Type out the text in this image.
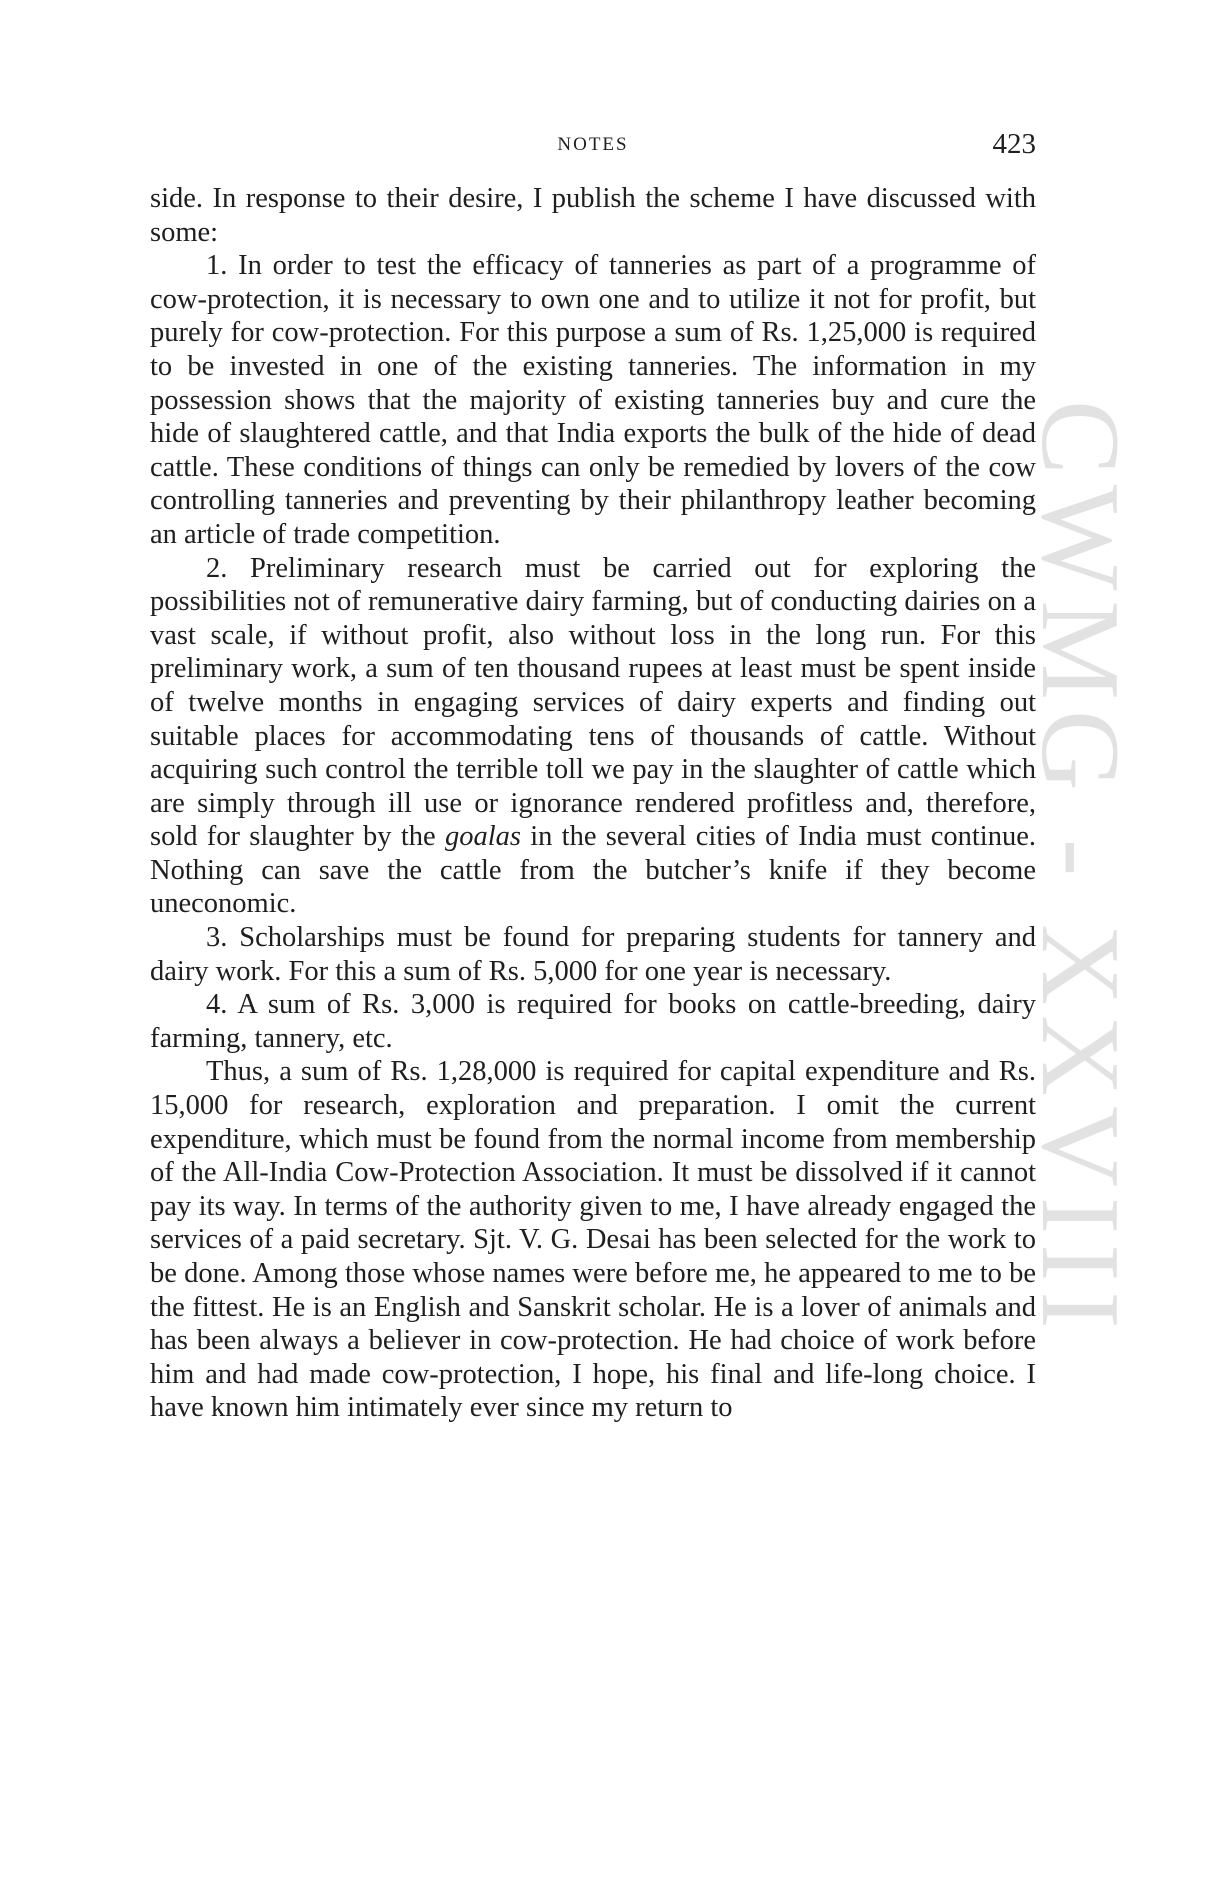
NOTES	423
CWMG - XXVIII

side. In response to their desire, I publish the scheme I have discussed with some:

1. In order to test the efficacy of tanneries as part of a programme of cow-protection, it is necessary to own one and to utilize it not for profit, but purely for cow-protection. For this purpose a sum of Rs. 1,25,000 is required to be invested in one of the existing tanneries. The information in my possession shows that the majority of existing tanneries buy and cure the hide of slaughtered cattle, and that India exports the bulk of the hide of dead cattle. These conditions of things can only be remedied by lovers of the cow controlling tanneries and preventing by their philanthropy leather becoming an article of trade competition.

2. Preliminary research must be carried out for exploring the possibilities not of remunerative dairy farming, but of conducting dairies on a vast scale, if without profit, also without loss in the long run. For this preliminary work, a sum of ten thousand rupees at least must be spent inside of twelve months in engaging services of dairy experts and finding out suitable places for accommodating tens of thousands of cattle. Without acquiring such control the terrible toll we pay in the slaughter of cattle which are simply through ill use or ignorance rendered profitless and, therefore, sold for slaughter by the goalas in the several cities of India must continue. Nothing can save the cattle from the butcher’s knife if they become uneconomic.

3. Scholarships must be found for preparing students for tannery and dairy work. For this a sum of Rs. 5,000 for one year is necessary.

4. A sum of Rs. 3,000 is required for books on cattle-breeding, dairy farming, tannery, etc.

Thus, a sum of Rs. 1,28,000 is required for capital expenditure and Rs. 15,000 for research, exploration and preparation. I omit the current expenditure, which must be found from the normal income from membership of the All-India Cow-Protection Association. It must be dissolved if it cannot pay its way. In terms of the authority given to me, I have already engaged the services of a paid secretary. Sjt. V. G. Desai has been selected for the work to be done. Among those whose names were before me, he appeared to me to be the fittest. He is an English and Sanskrit scholar. He is a lover of animals and has been always a believer in cow-protection. He had choice of work before him and had made cow-protection, I hope, his final and life-long choice. I have known him intimately ever since my return to
